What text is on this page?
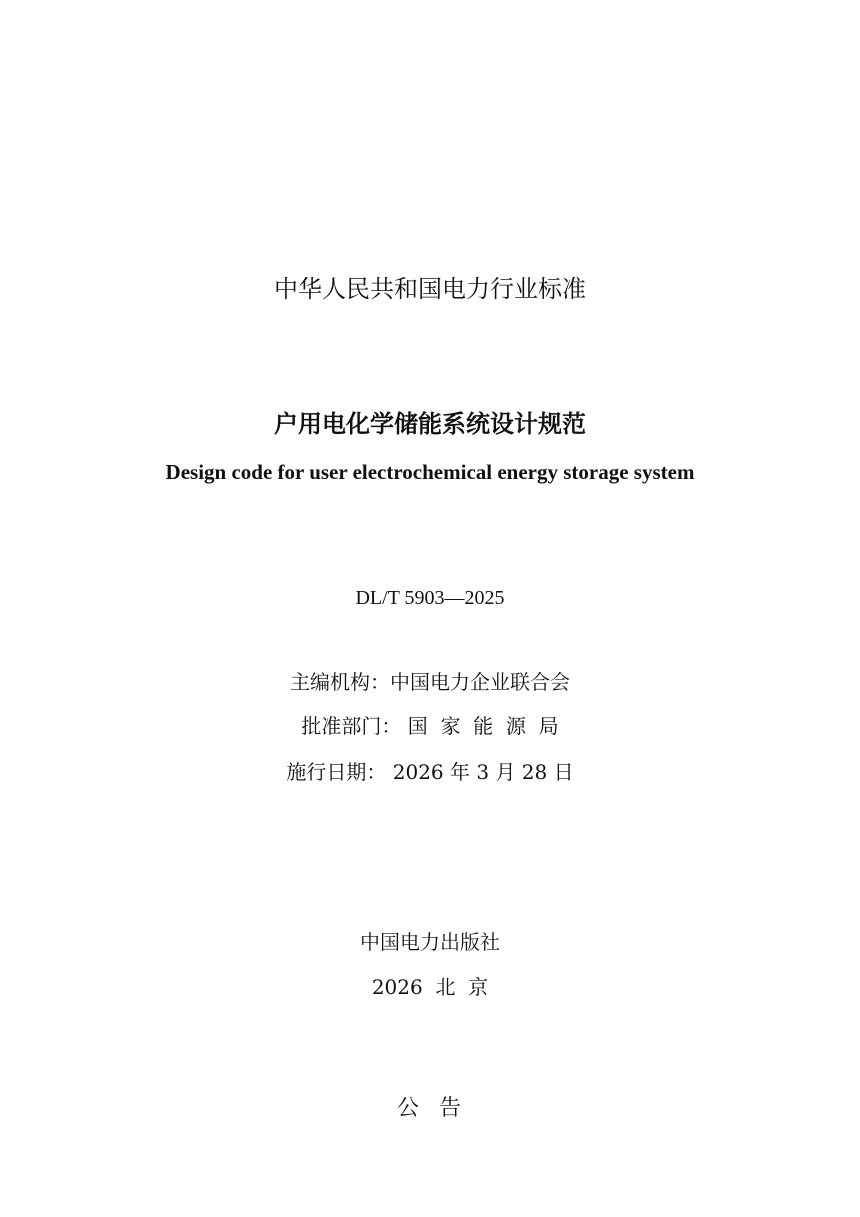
中华人民共和国电力行业标准
户用电化学储能系统设计规范
Design code for user electrochemical energy storage system
DL/T 5903—2025
主编机构：中国电力企业联合会
批准部门： 国  家  能  源  局
施行日期： 2026 年 3 月 28 日
中国电力出版社
2026  北  京
公  告
